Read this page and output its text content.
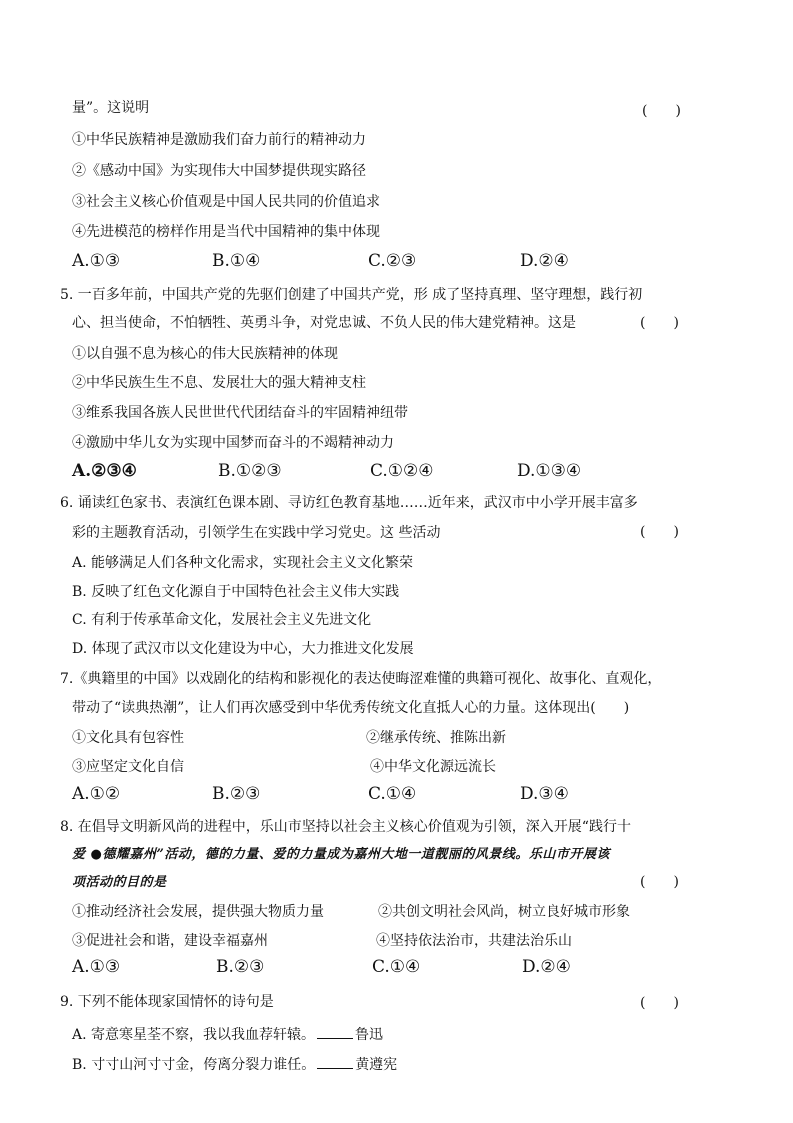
量”。这说明	(　　)
①中华民族精神是激励我们奋力前行的精神动力
②《感动中国》为实现伟大中国梦提供现实路径
③社会主义核心价值观是中国人民共同的价值追求
④先进模范的榜样作用是当代中国精神的集中体现
A.①③	B.①④	C.②③	D.②④
5. 一百多年前，中国共产党的先驱们创建了中国共产党，形 成了坚持真理、坚守理想，践行初
心、担当使命，不怕牺牲、英勇斗争，对党忠诚、不负人民的伟大建党精神。这是	(　　)
①以自强不息为核心的伟大民族精神的体现
②中华民族生生不息、发展壮大的强大精神支柱
③维系我国各族人民世世代代团结奋斗的牢固精神纽带
④激励中华儿女为实现中国梦而奋斗的不竭精神动力
A.②③④	B.①②③	C.①②④	D.①③④
6. 诵读红色家书、表演红色课本剧、寻访红色教育基地……近年来，武汉市中小学开展丰富多
彩的主题教育活动，引领学生在实践中学习党史。这 些活动	(　　)
A. 能够满足人们各种文化需求，实现社会主义文化繁荣
B. 反映了红色文化源自于中国特色社会主义伟大实践
C. 有利于传承革命文化，发展社会主义先进文化
D. 体现了武汉市以文化建设为中心，大力推进文化发展
7.《典籍里的中国》以戏剧化的结构和影视化的表达使晦涩难懂的典籍可视化、故事化、直观化，
带动了“读典热潮”，让人们再次感受到中华优秀传统文化直抵人心的力量。这体现出(　　)
①文化具有包容性	②继承传统、推陈出新
③应坚定文化自信	④中华文化源远流长
A.①②	B.②③	C.①④	D.③④
8. 在倡导文明新风尚的进程中，乐山市坚持以社会主义核心价值观为引领，深入开展“践行十
爱 ●德耀嘉州”活动，德的力量、爱的力量成为嘉州大地一道靓丽的风景线。乐山市开展该
项活动的目的是	(　　)
①推动经济社会发展，提供强大物质力量	②共创文明社会风尚，树立良好城市形象
③促进社会和谐，建设幸福嘉州	④坚持依法治市，共建法治乐山
A.①③	B.②③	C.①④	D.②④
9. 下列不能体现家国情怀的诗句是	(　　)
A. 寄意寒星荃不察，我以我血荐轩辕。	鲁迅
B. 寸寸山河寸寸金，侉离分裂力谁任。	黄遵宪
